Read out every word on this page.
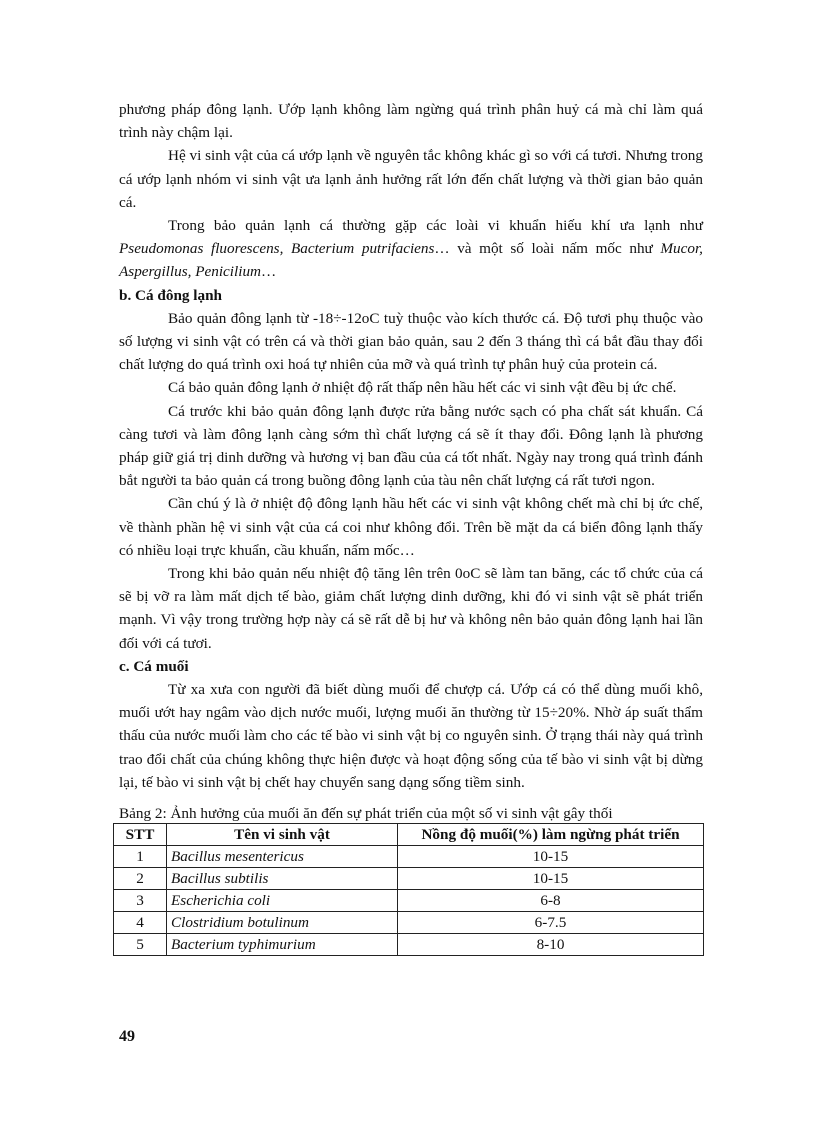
phương pháp đông lạnh. Ướp lạnh không làm ngừng quá trình phân huỷ cá mà chỉ làm quá trình này chậm lại.

Hệ vi sinh vật của cá ướp lạnh về nguyên tắc không khác gì so với cá tươi. Nhưng trong cá ướp lạnh nhóm vi sinh vật ưa lạnh ảnh hưởng rất lớn đến chất lượng và thời gian bảo quản cá.

Trong bảo quản lạnh cá thường gặp các loài vi khuẩn hiếu khí ưa lạnh như Pseudomonas fluorescens, Bacterium putrifaciens… và một số loài nấm mốc như Mucor, Aspergillus, Penicilium…

b. Cá đông lạnh

Bảo quản đông lạnh từ -18÷-12oC tuỳ thuộc vào kích thước cá. Độ tươi phụ thuộc vào số lượng vi sinh vật có trên cá và thời gian bảo quản, sau 2 đến 3 tháng thì cá bắt đầu thay đổi chất lượng do quá trình oxi hoá tự nhiên của mỡ và quá trình tự phân huỷ của protein cá.

Cá bảo quản đông lạnh ở nhiệt độ rất thấp nên hầu hết các vi sinh vật đều bị ức chế.

Cá trước khi bảo quản đông lạnh được rửa bằng nước sạch có pha chất sát khuẩn. Cá càng tươi và làm đông lạnh càng sớm thì chất lượng cá sẽ ít thay đổi. Đông lạnh là phương pháp giữ giá trị dinh dưỡng và hương vị ban đầu của cá tốt nhất. Ngày nay trong quá trình đánh bắt người ta bảo quản cá trong buồng đông lạnh của tàu nên chất lượng cá rất tươi ngon.

Cần chú ý là ở nhiệt độ đông lạnh hầu hết các vi sinh vật không chết mà chỉ bị ức chế, về thành phần hệ vi sinh vật của cá coi như không đổi. Trên bề mặt da cá biển đông lạnh thấy có nhiều loại trực khuẩn, cầu khuẩn, nấm mốc…

Trong khi bảo quản nếu nhiệt độ tăng lên trên 0oC sẽ làm tan băng, các tổ chức của cá sẽ bị vỡ ra làm mất dịch tế bào, giảm chất lượng dinh dưỡng, khi đó vi sinh vật sẽ phát triển mạnh. Vì vậy trong trường hợp này cá sẽ rất dễ bị hư và không nên bảo quản đông lạnh hai lần đối với cá tươi.

c. Cá muối

Từ xa xưa con người đã biết dùng muối để chượp cá. Ướp cá có thể dùng muối khô, muối ướt hay ngâm vào dịch nước muối, lượng muối ăn thường từ 15÷20%. Nhờ áp suất thẩm thấu của nước muối làm cho các tế bào vi sinh vật bị co nguyên sinh. Ở trạng thái này quá trình trao đổi chất của chúng không thực hiện được và hoạt động sống của tế bào vi sinh vật bị dừng lại, tế bào vi sinh vật bị chết hay chuyển sang dạng sống tiềm sinh.

Bảng 2: Ảnh hưởng của muối ăn đến sự phát triển của một số vi sinh vật gây thối
STT	Tên vi sinh vật	Nồng độ muối(%) làm ngừng phát triển
1	Bacillus mesentericus	10-15
2	Bacillus subtilis	10-15
3	Escherichia coli	6-8
4	Clostridium botulinum	6-7.5
5	Bacterium typhimurium	8-10
49
